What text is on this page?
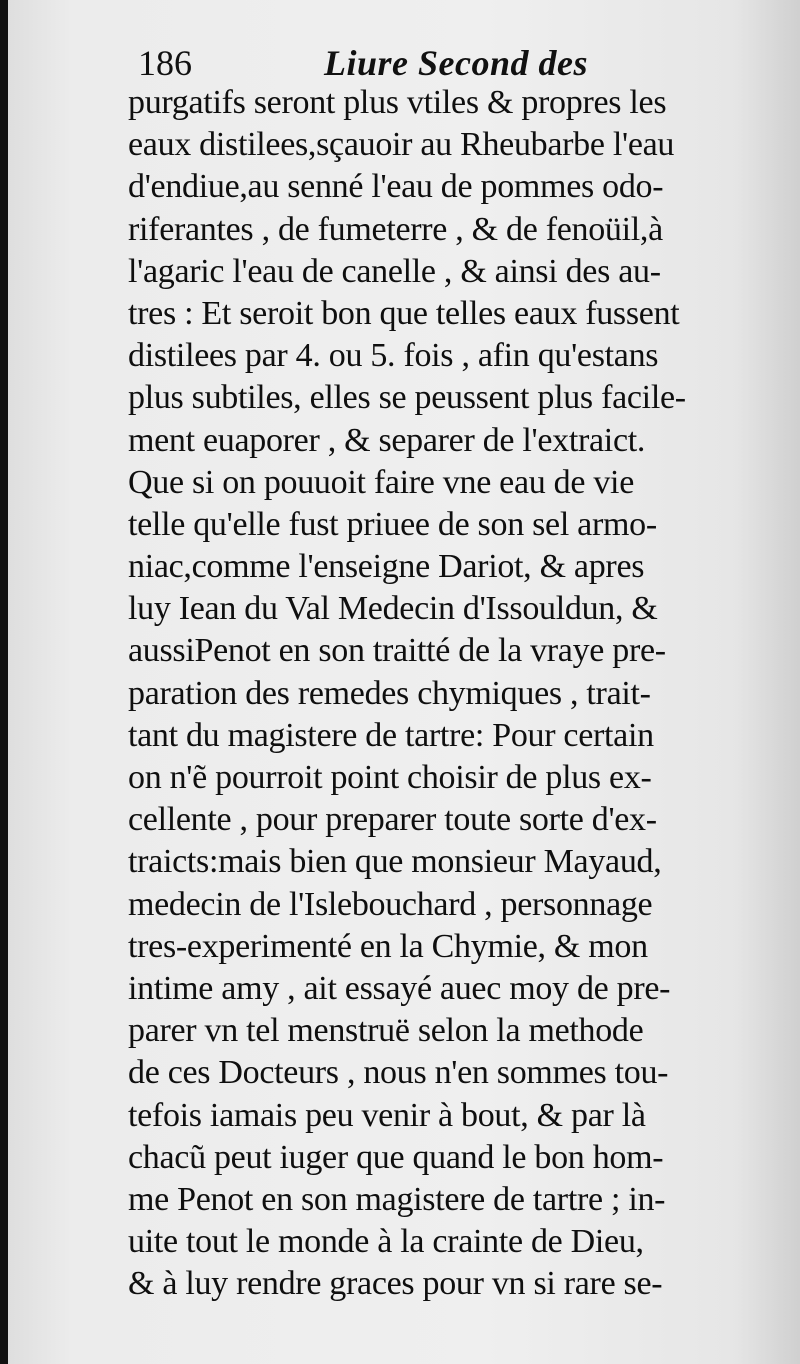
186	Liure Second des
purgatifs seront plus vtiles & propres les
eaux distilees,sçauoir au Rheubarbe l'eau
d'endiue,au senné l'eau de pommes odo-
riferantes , de fumeterre , & de fenoüil,à
l'agaric l'eau de canelle , & ainsi des au-
tres : Et seroit bon que telles eaux fussent
distilees par 4. ou 5. fois , afin qu'estans
plus subtiles, elles se peussent plus facile-
ment euaporer , & separer de l'extraict.
Que si on pouuoit faire vne eau de vie
telle qu'elle fust priuee de son sel armo-
niac,comme l'enseigne Dariot, & apres
luy Iean du Val Medecin d'Issouldun, &
aussiPenot en son traitté de la vraye pre-
paration des remedes chymiques , trait-
tant du magistere de tartre: Pour certain
on n'ẽ pourroit point choisir de plus ex-
cellente , pour preparer toute sorte d'ex-
traicts:mais bien que monsieur Mayaud,
medecin de l'Islebouchard , personnage
tres-experimenté en la Chymie, & mon
intime amy , ait essayé auec moy de pre-
parer vn tel menstruë selon la methode
de ces Docteurs , nous n'en sommes tou-
tefois iamais peu venir à bout, & par là
chacũ peut iuger que quand le bon hom-
me Penot en son magistere de tartre ; in-
uite tout le monde à la crainte de Dieu,
& à luy rendre graces pour vn si rare se-
